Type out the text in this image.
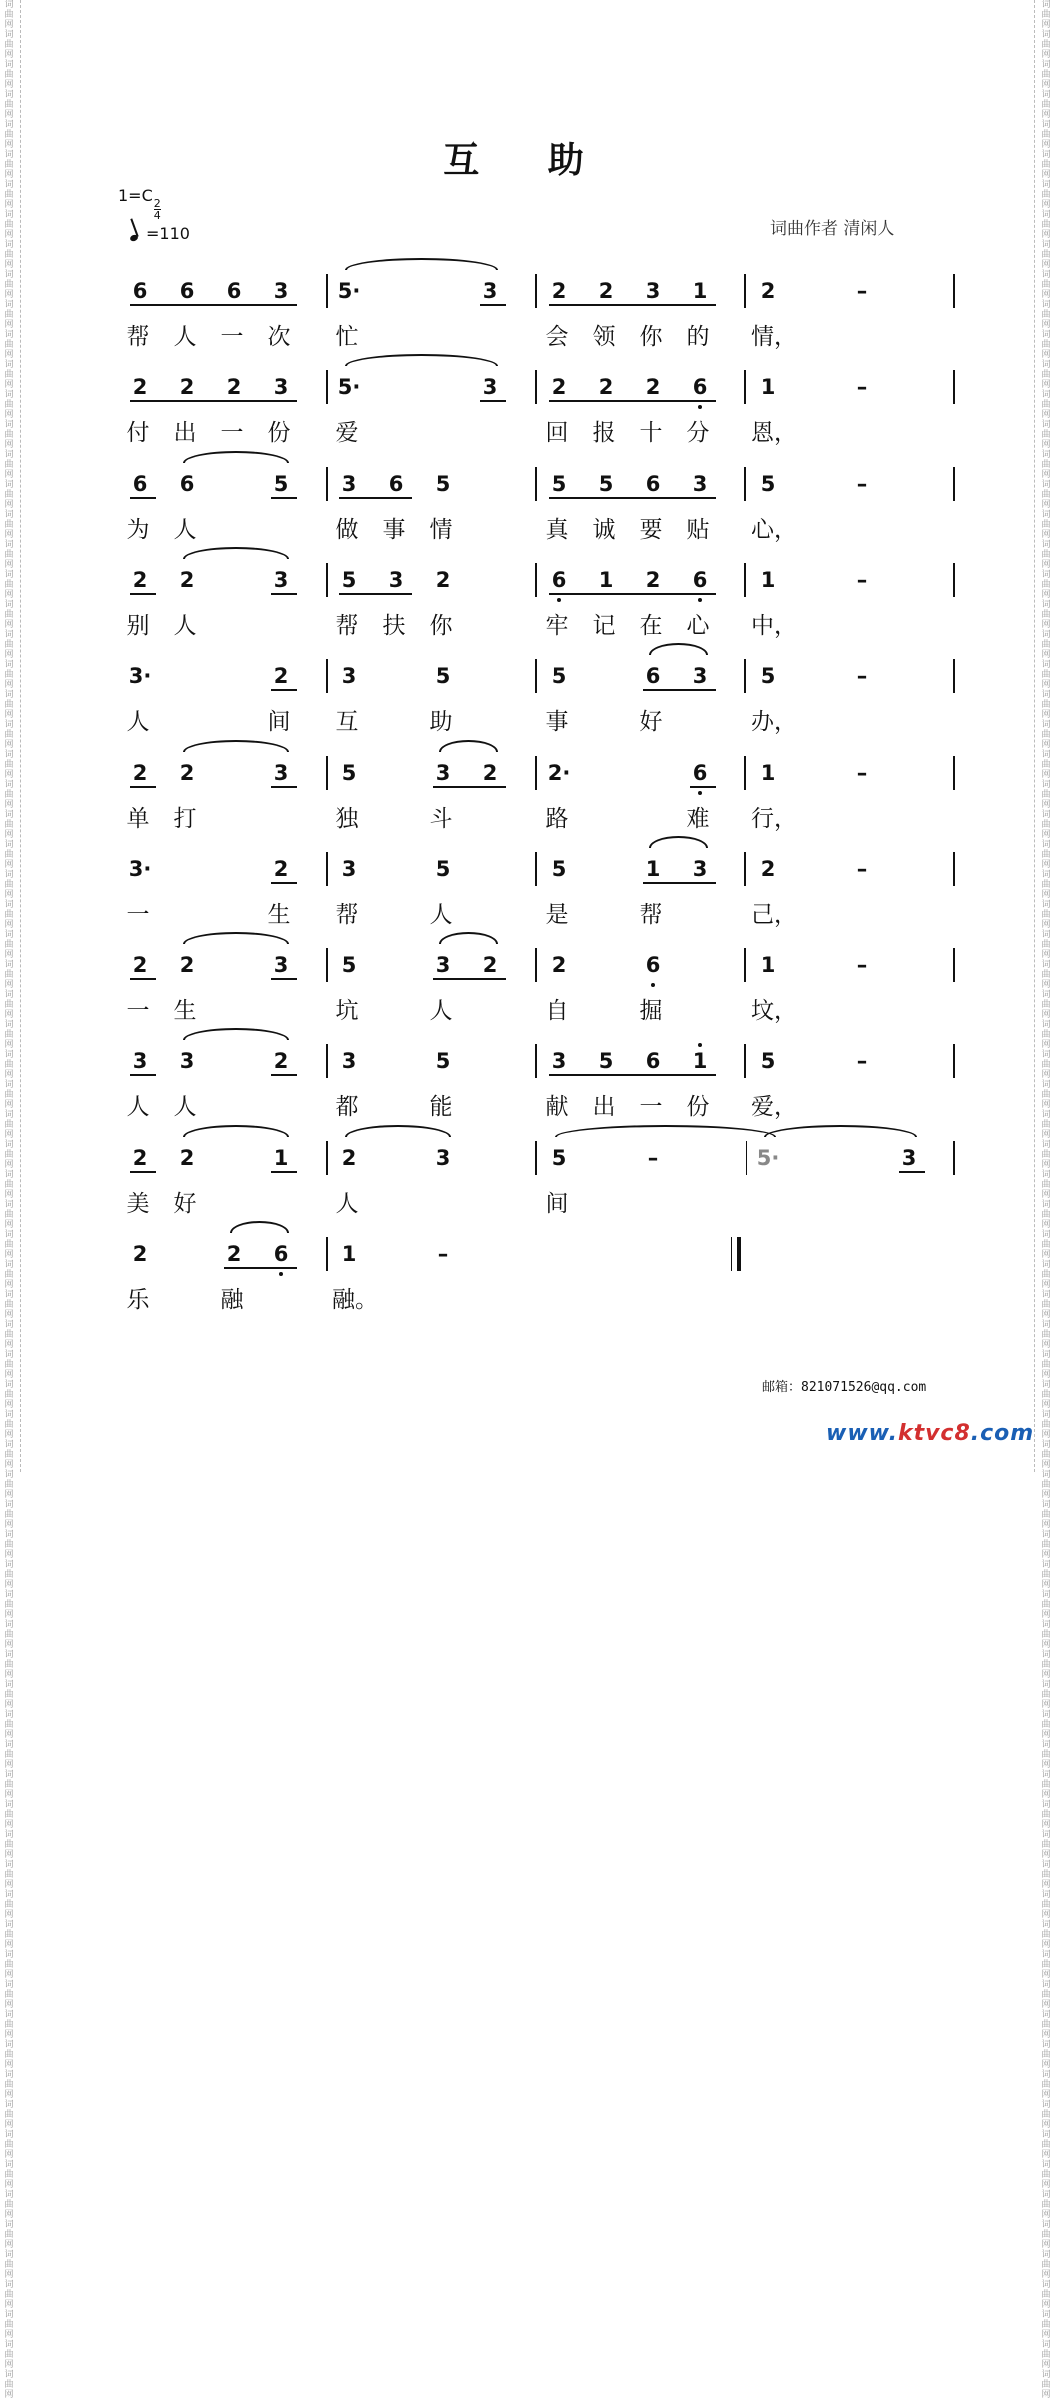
词曲网词曲网词曲网词曲网词曲网词曲网词曲网词曲网词曲网词曲网词曲网词曲网词曲网词曲网词曲网词曲网词曲网词曲网词曲网词曲网词曲网词曲网词曲网词曲网词曲网词曲网词曲网词曲网词曲网词曲网词曲网词曲网词曲网词曲网词曲网词曲网词曲网词曲网词曲网词曲网词曲网词曲网词曲网词曲网词曲网词曲网词曲网词曲网词曲网词曲网词曲网词曲网词曲网词曲网词曲网词曲网词曲网词曲网词曲网词曲网词曲网词曲网词曲网词曲网词曲网词曲网词曲网词曲网词曲网词曲网词曲网词曲网词曲网词曲网词曲网词曲网词曲网词曲网词曲网词曲网
词曲网词曲网词曲网词曲网词曲网词曲网词曲网词曲网词曲网词曲网词曲网词曲网词曲网词曲网词曲网词曲网词曲网词曲网词曲网词曲网词曲网词曲网词曲网词曲网词曲网词曲网词曲网词曲网词曲网词曲网词曲网词曲网词曲网词曲网词曲网词曲网词曲网词曲网词曲网词曲网词曲网词曲网词曲网词曲网词曲网词曲网词曲网词曲网词曲网词曲网词曲网词曲网词曲网词曲网词曲网词曲网词曲网词曲网词曲网词曲网词曲网词曲网词曲网词曲网词曲网词曲网词曲网词曲网词曲网词曲网词曲网词曲网词曲网词曲网词曲网词曲网词曲网词曲网词曲网词曲网
互 助
1=C
$\frac{2}{4}$
=110	词曲作者 清闲人
6 6 6 3 5·	3	2 2 3 1	2	–
帮 人 一 次 忙	会 领 你 的 情，
2 2 2 3 5·	3	2 2 2 6	1	–
付 出 一 份 爱	回 报 十 分 恩，
6 6	5	3 6 5	5 5 6 3	5	–
为 人	做 事 情	真 诚 要 贴 心，
2 2	3	5 3 2	6 1 2 6	1	–
别 人	帮 扶 你	牢 记 在 心 中，
3·	2	3	5	5	6 3	5	–
人	间 互	助	事	好	办，
2 2	3	5	3 2 2·	6	1	–
单 打	独	斗	路	难 行，
3·	2	3	5	5	1 3	2	–
一	生 帮	人	是	帮	己，
2 2	3	5	3 2	2	6	1	–
一 生	坑	人	自	掘	坟，
3 3	2	3	5	3 5 6 1	5	–
人 人	都	能	献 出 一 份 爱，
2 2	1	2	3	5	–	5·	3
美 好	人	间
2	2 6	1	–
乐	融	融。
邮箱：821071526@qq.com
www.ktvc8.com
